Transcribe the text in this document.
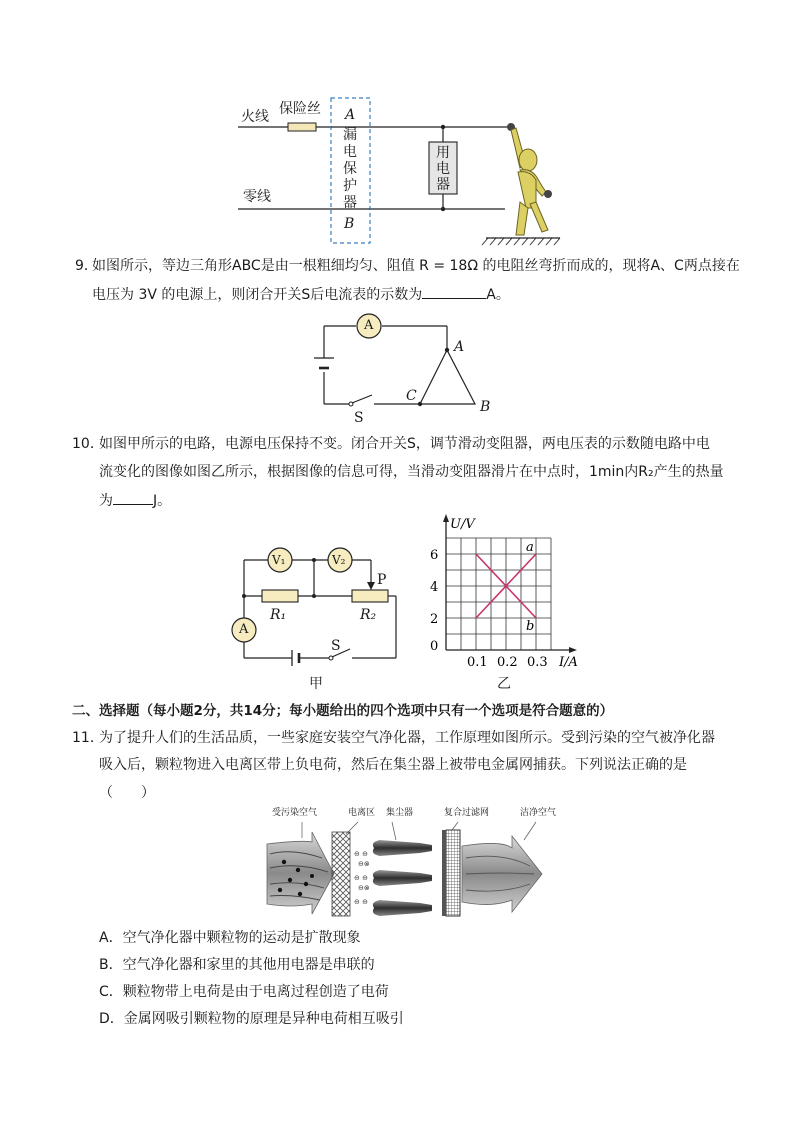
火线 保险丝
零线
A
B
漏
电
保
护
器
用
电
器
9．
如图所示，等边三角形ABC是由一根粗细均匀、阻值 R = 18Ω 的电阻丝弯折而成的，现将A、C两点接在
电压为 3V 的电源上，则闭合开关S后电流表的示数为	A。
A
A
C
B
S
10．
如图甲所示的电路，电源电压保持不变。闭合开关S，调节滑动变阻器，两电压表的示数随电路中电
流变化的图像如图乙所示，根据图像的信息可得，当滑动变阻器滑片在中点时，1min内R₂产生的热量
为	J。
V₁	V₂
A
R₁	R₂
P
S
甲
a
b
0.1 0.2 0.3
0
2
4
6
I/A
U/V
乙
二、选择题（每小题2分，共14分；每小题给出的四个选项中只有一个选项是符合题意的）
11．
为了提升人们的生活品质，一些家庭安装空气净化器，工作原理如图所示。受到污染的空气被净化器
吸入后，颗粒物进入电离区带上负电荷，然后在集尘器上被带电金属网捕获。下列说法正确的是
（　　）
⊖ ⊖
⊖⊗
⊖ ⊖
⊖⊗
⊖ ⊖
受污染空气	电离区 集尘器	复合过滤网	洁净空气
A．空气净化器中颗粒物的运动是扩散现象
B．空气净化器和家里的其他用电器是串联的
C．颗粒物带上电荷是由于电离过程创造了电荷
D．金属网吸引颗粒物的原理是异种电荷相互吸引
